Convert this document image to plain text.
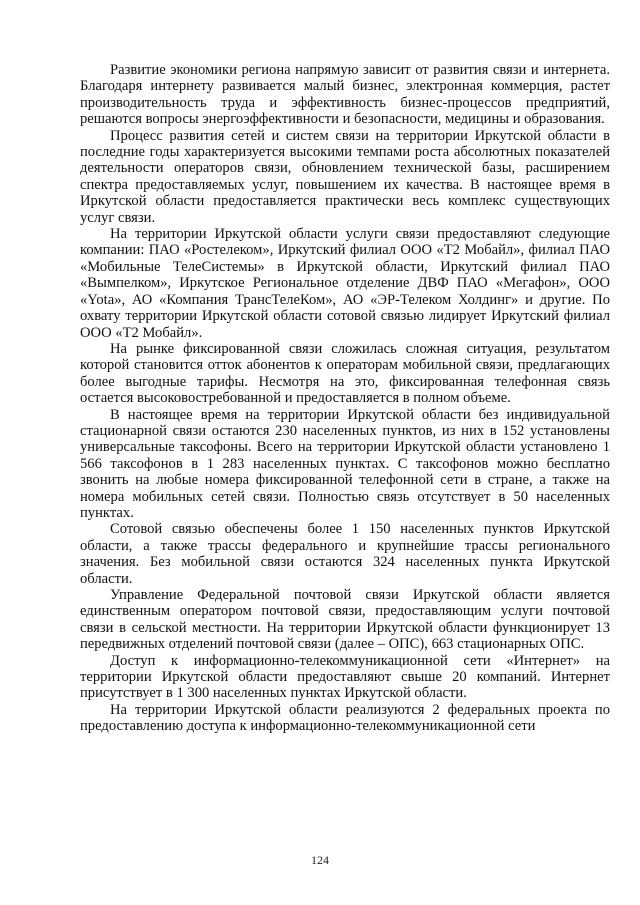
Развитие экономики региона напрямую зависит от развития связи и интернета. Благодаря интернету развивается малый бизнес, электронная коммерция, растет производительность труда и эффективность бизнес-процессов предприятий, решаются вопросы энергоэффективности и безопасности, медицины и образования.

Процесс развития сетей и систем связи на территории Иркутской области в последние годы характеризуется высокими темпами роста абсолютных показателей деятельности операторов связи, обновлением технической базы, расширением спектра предоставляемых услуг, повышением их качества. В настоящее время в Иркутской области предоставляется практически весь комплекс существующих услуг связи.

На территории Иркутской области услуги связи предоставляют следующие компании: ПАО «Ростелеком», Иркутский филиал ООО «Т2 Мобайл», филиал ПАО «Мобильные ТелеСистемы» в Иркутской области, Иркутский филиал ПАО «Вымпелком», Иркутское Региональное отделение ДВФ ПАО «Мегафон», ООО «Yota», АО «Компания ТрансТелеКом», АО «ЭР-Телеком Холдинг» и другие. По охвату территории Иркутской области сотовой связью лидирует Иркутский филиал ООО «Т2 Мобайл».

На рынке фиксированной связи сложилась сложная ситуация, результатом которой становится отток абонентов к операторам мобильной связи, предлагающих более выгодные тарифы. Несмотря на это, фиксированная телефонная связь остается высоковостребованной и предоставляется в полном объеме.

В настоящее время на территории Иркутской области без индивидуальной стационарной связи остаются 230 населенных пунктов, из них в 152 установлены универсальные таксофоны. Всего на территории Иркутской области установлено 1 566 таксофонов в 1 283 населенных пунктах. С таксофонов можно бесплатно звонить на любые номера фиксированной телефонной сети в стране, а также на номера мобильных сетей связи. Полностью связь отсутствует в 50 населенных пунктах.

Сотовой связью обеспечены более 1 150 населенных пунктов Иркутской области, а также трассы федерального и крупнейшие трассы регионального значения. Без мобильной связи остаются 324 населенных пункта Иркутской области.

Управление Федеральной почтовой связи Иркутской области является единственным оператором почтовой связи, предоставляющим услуги почтовой связи в сельской местности. На территории Иркутской области функционирует 13 передвижных отделений почтовой связи (далее – ОПС), 663 стационарных ОПС.

Доступ к информационно-телекоммуникационной сети «Интернет» на территории Иркутской области предоставляют свыше 20 компаний. Интернет присутствует в 1 300 населенных пунктах Иркутской области.

На территории Иркутской области реализуются 2 федеральных проекта по предоставлению доступа к информационно-телекоммуникационной сети

124
